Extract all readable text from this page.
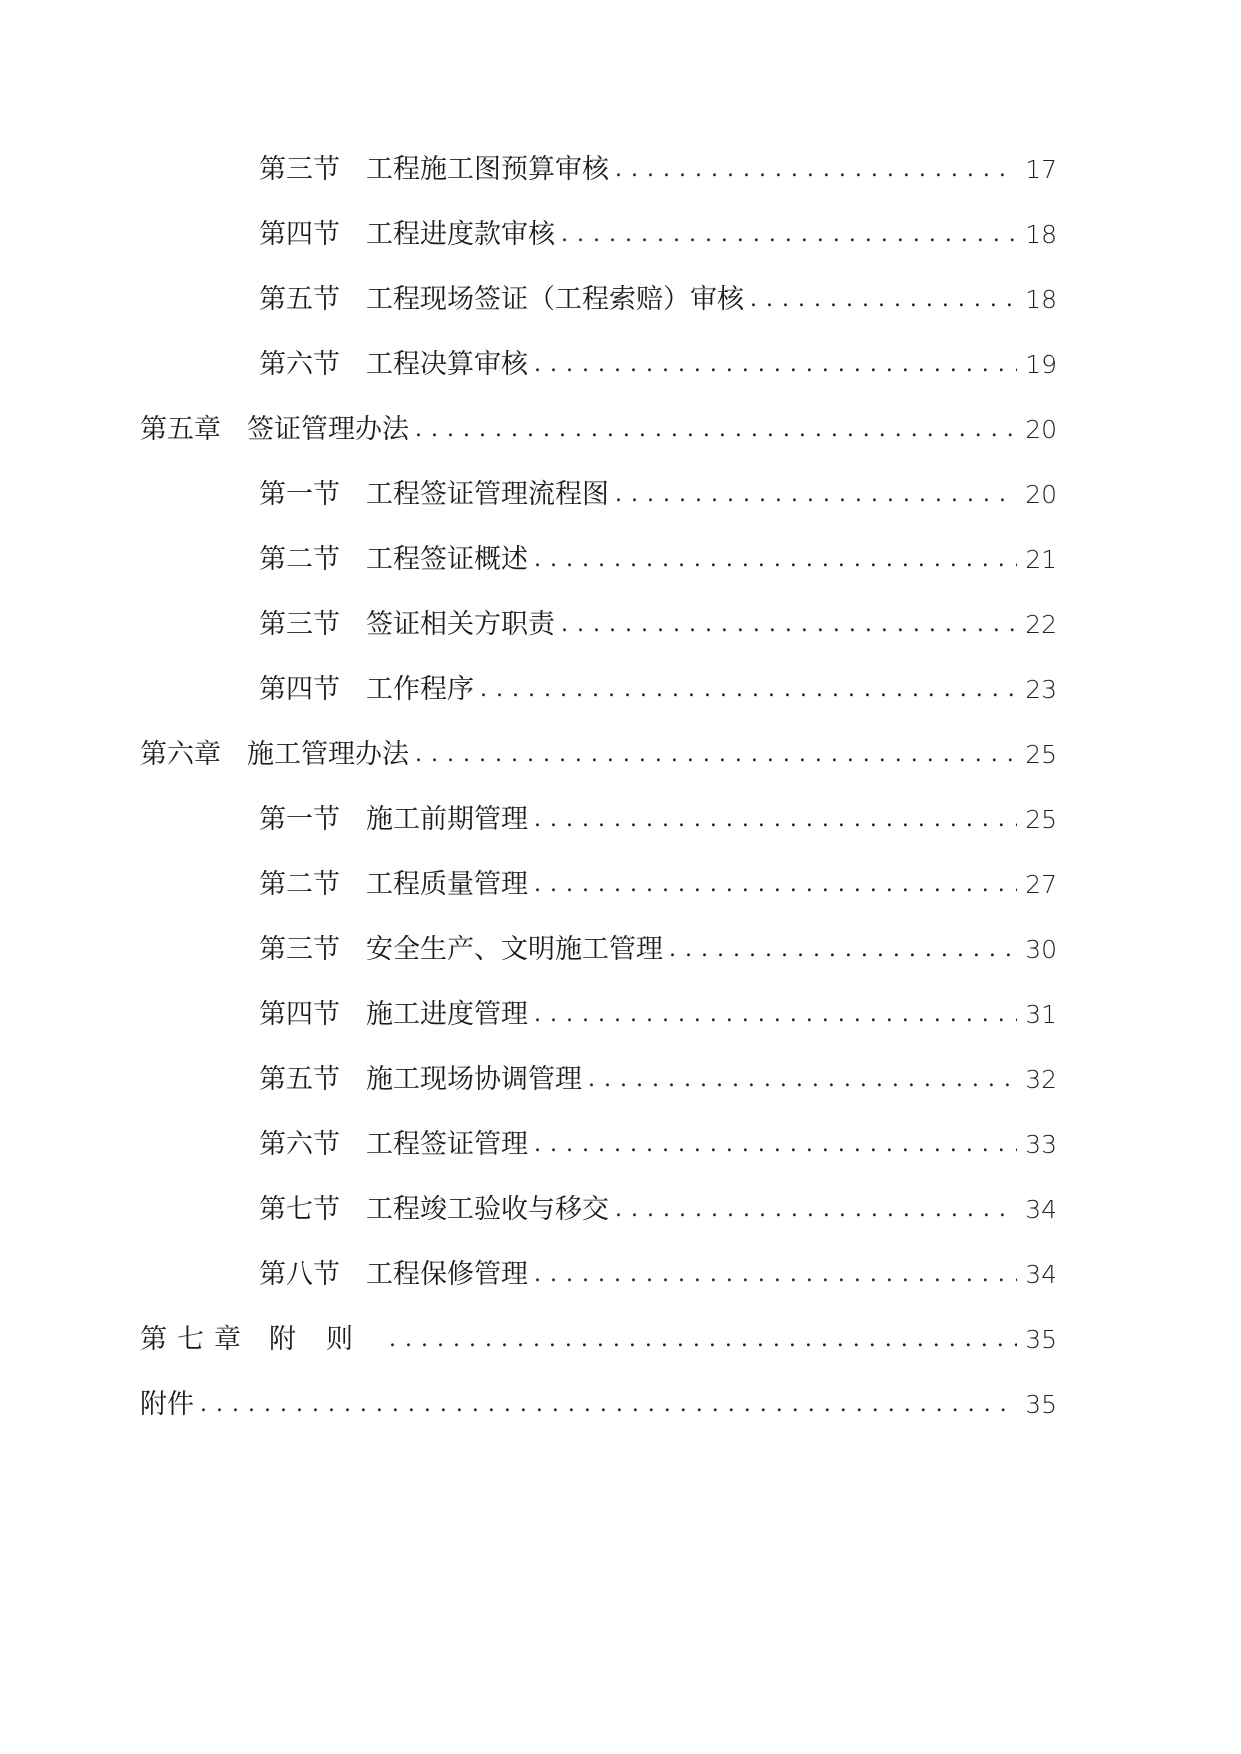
第三节 工程施工图预算审核 .....	17
第四节 工程进度款审核 .....	18
第五节 工程现场签证（工程索赔）审核 .....	18
第六节 工程决算审核 .....	19
第五章 签证管理办法 .....	20
第一节 工程签证管理流程图 .....	20
第二节 工程签证概述 .....	21
第三节 签证相关方职责 .....	22
第四节 工作程序 .....	23
第六章 施工管理办法 .....	25
第一节 施工前期管理 .....	25
第二节 工程质量管理 .....	27
第三节 安全生产、文明施工管理 .....	30
第四节 施工进度管理 .....	31
第五节 施工现场协调管理 .....	32
第六节 工程签证管理 .....	33
第七节 工程竣工验收与移交 .....	34
第八节 工程保修管理 .....	34
第七章 附则 .....	35
附件 .....	35
